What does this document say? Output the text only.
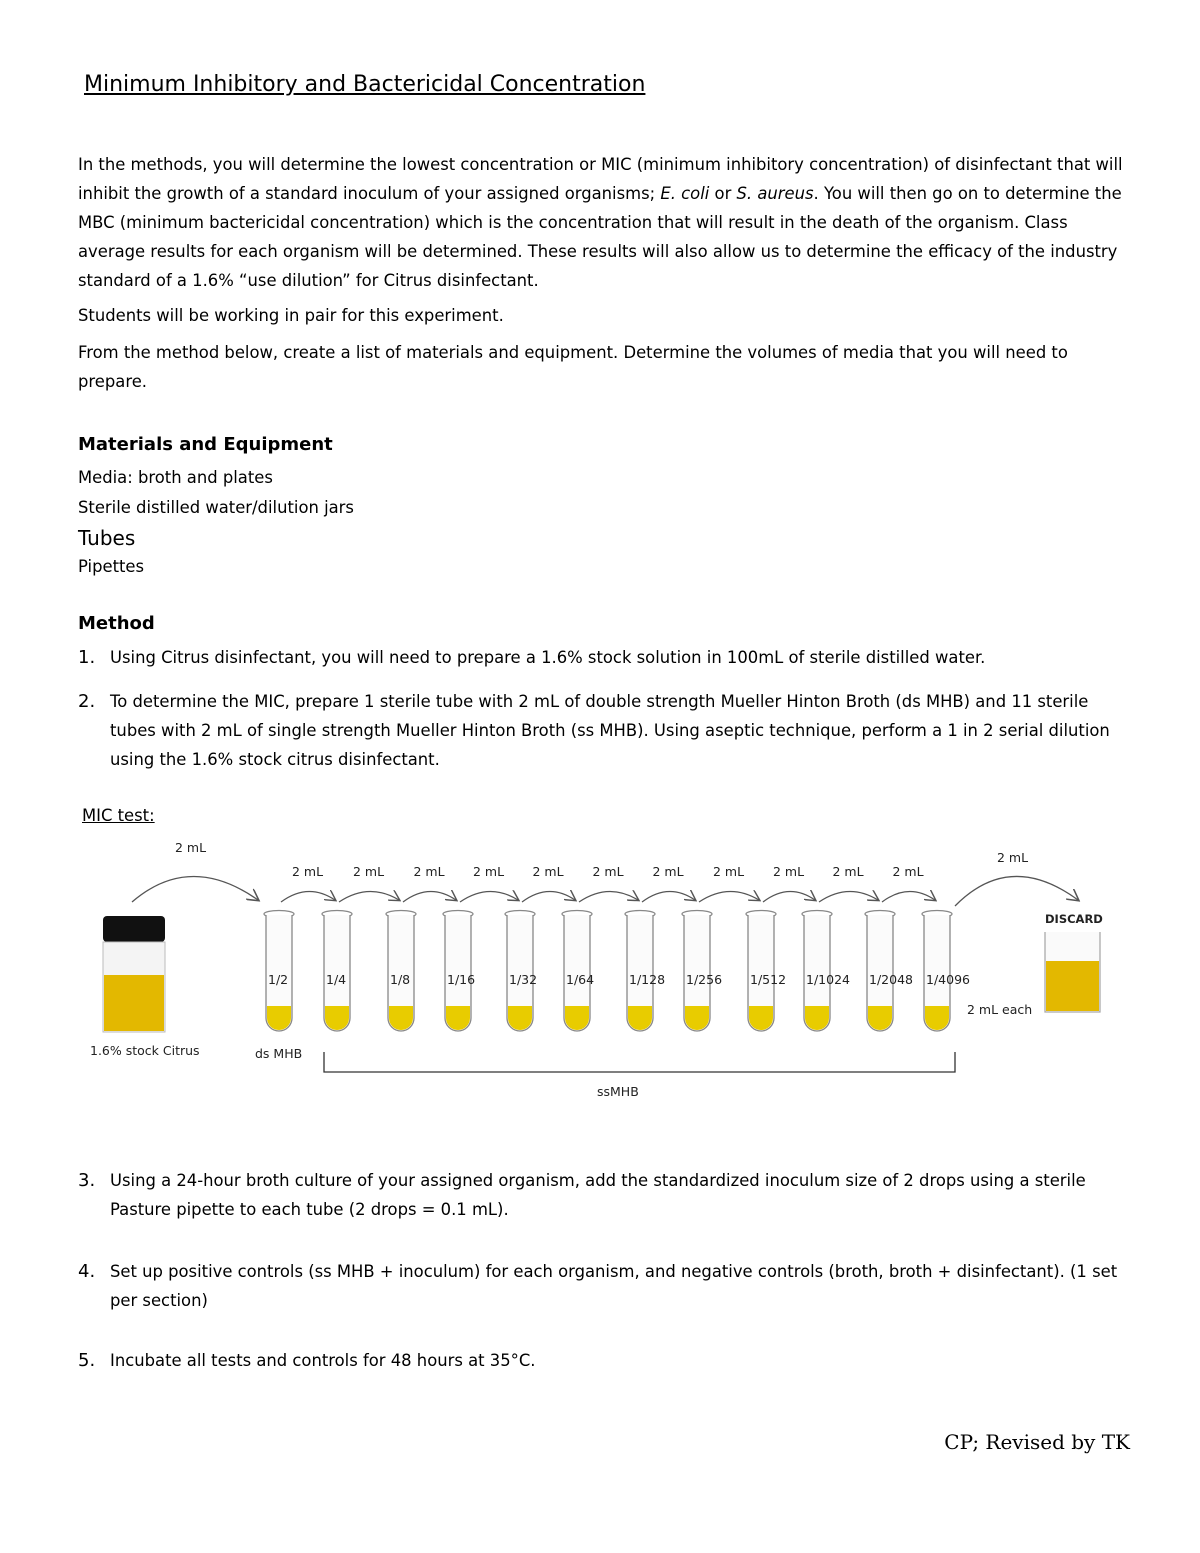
Minimum Inhibitory and Bactericidal Concentration
In the methods, you will determine the lowest concentration or MIC (minimum inhibitory concentration) of disinfectant that will inhibit the growth of a standard inoculum of your assigned organisms; E. coli or S. aureus. You will then go on to determine the MBC (minimum bactericidal concentration) which is the concentration that will result in the death of the organism. Class average results for each organism will be determined. These results will also allow us to determine the efficacy of the industry standard of a 1.6% “use dilution” for Citrus disinfectant.
Students will be working in pair for this experiment.
From the method below, create a list of materials and equipment. Determine the volumes of media that you will need to prepare.
Materials and Equipment
Media: broth and plates
Sterile distilled water/dilution jars
Tubes
Pipettes
Method
1. Using Citrus disinfectant, you will need to prepare a 1.6% stock solution in 100mL of sterile distilled water.
2. To determine the MIC, prepare 1 sterile tube with 2 mL of double strength Mueller Hinton Broth (ds MHB) and 11 sterile tubes with 2 mL of single strength Mueller Hinton Broth (ss MHB). Using aseptic technique, perform a 1 in 2 serial dilution using the 1.6% stock citrus disinfectant.
MIC test:
1.6% stock Citrus
2 mL
1/2	1/4	1/8	1/16	1/32 1/64	1/128 1/256 1/512 1/1024 1/2048 1/4096
2 mL 2 mL 2 mL 2 mL 2 mL 2 mL 2 mL 2 mL 2 mL 2 mL 2 mL
2 mL
DISCARD
2 mL each
ds MHB
ssMHB
3. Using a 24-hour broth culture of your assigned organism, add the standardized inoculum size of 2 drops using a sterile Pasture pipette to each tube (2 drops = 0.1 mL).
4. Set up positive controls (ss MHB + inoculum) for each organism, and negative controls (broth, broth + disinfectant). (1 set per section)
5. Incubate all tests and controls for 48 hours at 35°C.
CP; Revised by TK
